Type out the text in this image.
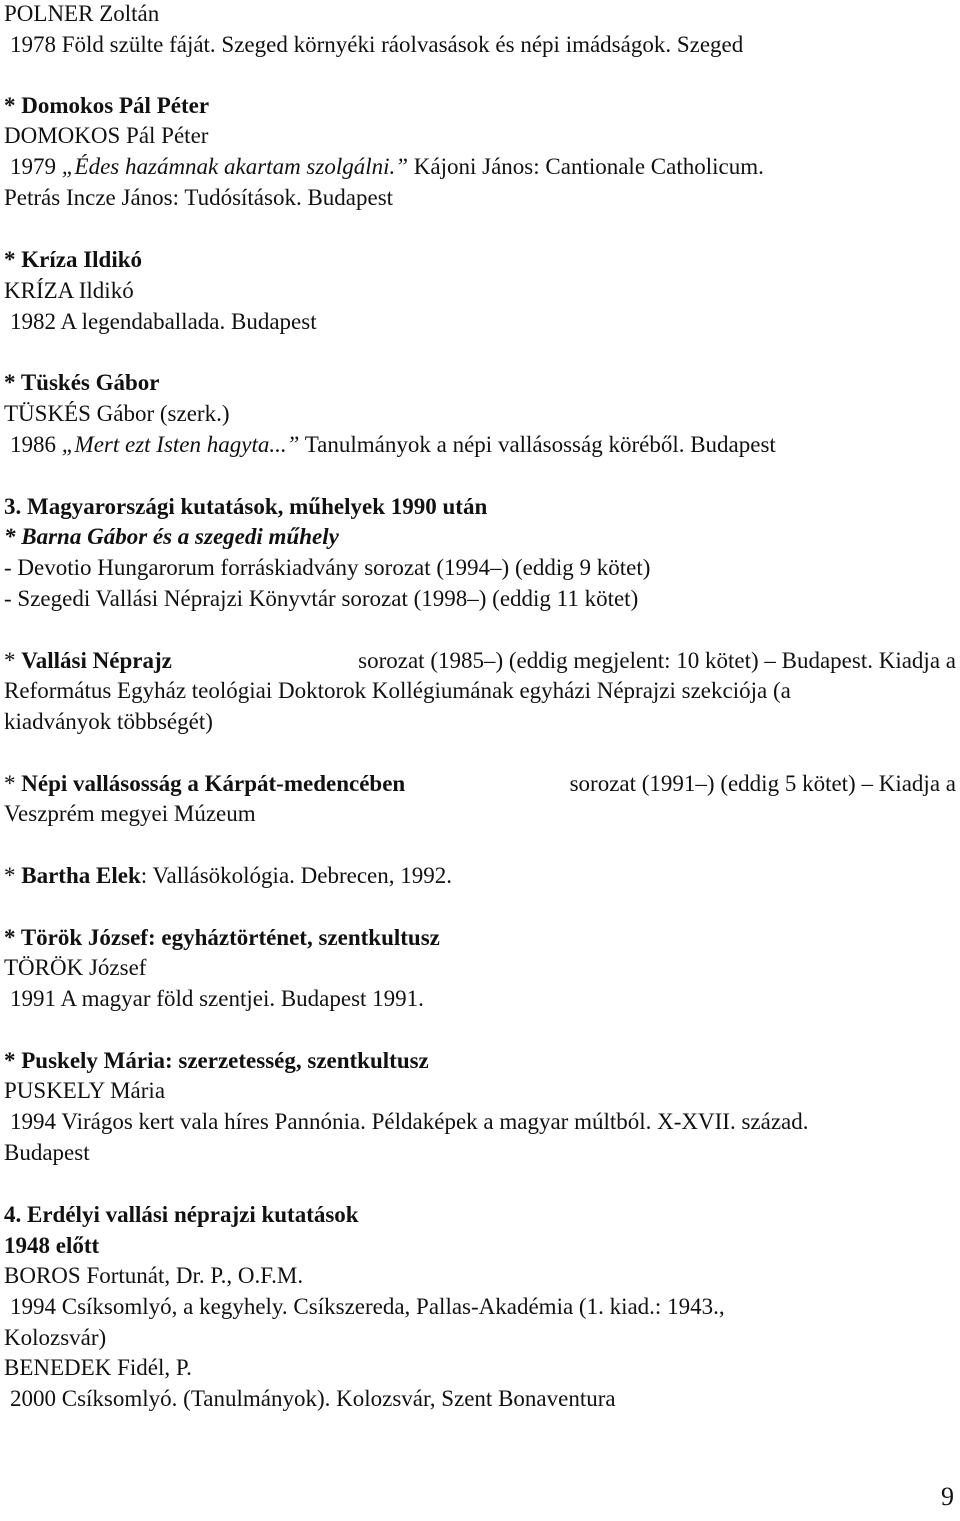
POLNER Zoltán
1978 Föld szülte fáját. Szeged környéki ráolvasások és népi imádságok. Szeged
* Domokos Pál Péter
DOMOKOS Pál Péter
1979 „Édes hazámnak akartam szolgálni.” Kájoni János: Cantionale Catholicum.
Petrás Incze János: Tudósítások. Budapest
* Kríza Ildikó
KRÍZA Ildikó
1982 A legendaballada. Budapest
* Tüskés Gábor
TÜSKÉS Gábor (szerk.)
1986 „Mert ezt Isten hagyta...” Tanulmányok a népi vallásosság köréből. Budapest
3. Magyarországi kutatások, műhelyek 1990 után
* Barna Gábor és a szegedi műhely
- Devotio Hungarorum forráskiadvány sorozat (1994–) (eddig 9 kötet)
- Szegedi Vallási Néprajzi Könyvtár sorozat (1998–) (eddig 11 kötet)
* Vallási Néprajz	sorozat (1985–) (eddig megjelent: 10 kötet) – Budapest. Kiadja a
Református Egyház teológiai Doktorok Kollégiumának egyházi Néprajzi szekciója (a
kiadványok többségét)
* Népi vallásosság a Kárpát-medencében	sorozat (1991–) (eddig 5 kötet) – Kiadja a
Veszprém megyei Múzeum
* Bartha Elek: Vallásökológia. Debrecen, 1992.
* Török József: egyháztörténet, szentkultusz
TÖRÖK József
1991 A magyar föld szentjei. Budapest 1991.
* Puskely Mária: szerzetesség, szentkultusz
PUSKELY Mária
1994 Virágos kert vala híres Pannónia. Példaképek a magyar múltból. X-XVII. század.
Budapest
4. Erdélyi vallási néprajzi kutatások
1948 előtt
BOROS Fortunát, Dr. P., O.F.M.
1994 Csíksomlyó, a kegyhely. Csíkszereda, Pallas-Akadémia (1. kiad.: 1943.,
Kolozsvár)
BENEDEK Fidél, P.
2000 Csíksomlyó. (Tanulmányok). Kolozsvár, Szent Bonaventura
9
